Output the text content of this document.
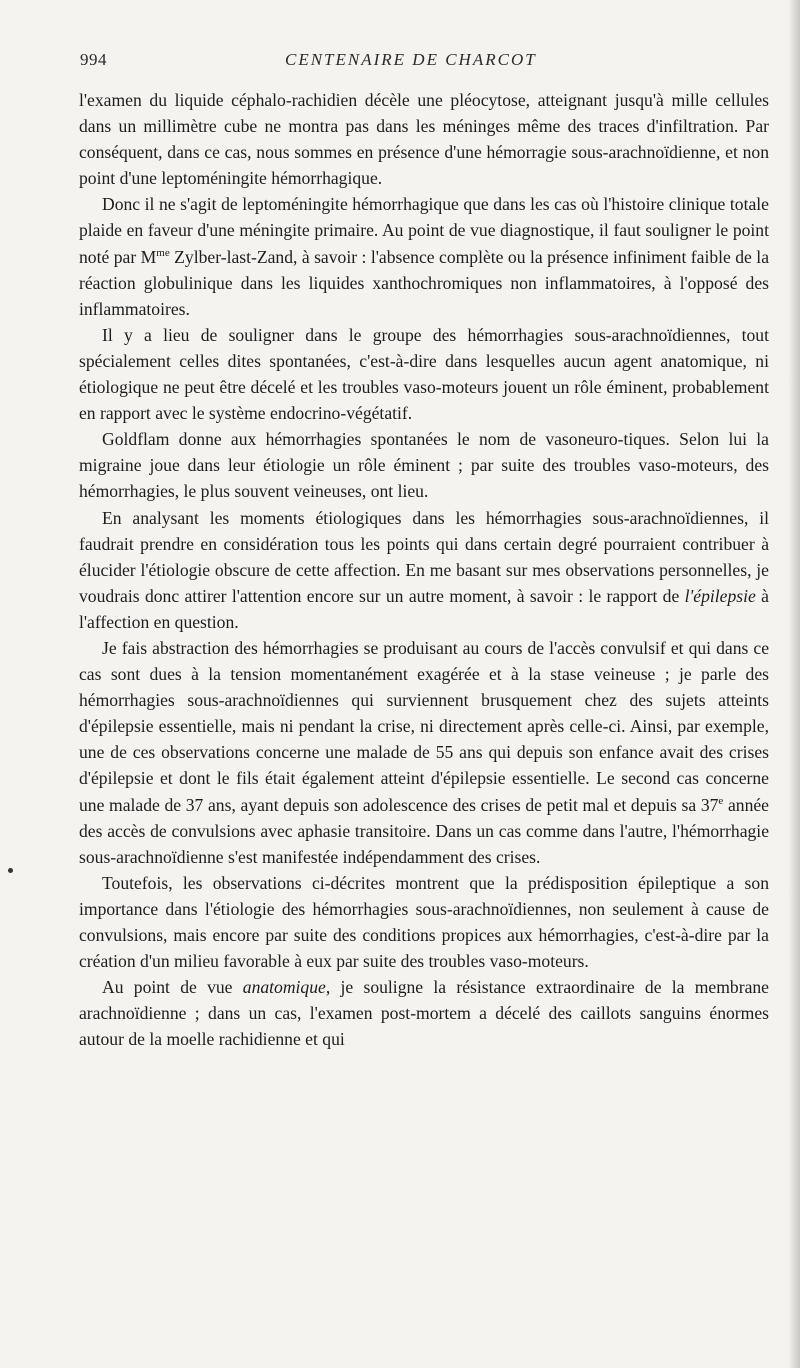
994	CENTENAIRE DE CHARCOT

l'examen du liquide céphalo-rachidien décèle une pléocytose, atteignant jusqu'à mille cellules dans un millimètre cube ne montra pas dans les méninges même des traces d'infiltration. Par conséquent, dans ce cas, nous sommes en présence d'une hémorragie sous-arachnoïdienne, et non point d'une leptoméningite hémorrhagique.

Donc il ne s'agit de leptoméningite hémorrhagique que dans les cas où l'histoire clinique totale plaide en faveur d'une méningite primaire. Au point de vue diagnostique, il faut souligner le point noté par $M^{me}$ Zylber-last-Zand, à savoir : l'absence complète ou la présence infiniment faible de la réaction globulinique dans les liquides xanthochromiques non inflammatoires, à l'opposé des inflammatoires.

Il y a lieu de souligner dans le groupe des hémorrhagies sous-arachnoïdiennes, tout spécialement celles dites spontanées, c'est-à-dire dans lesquelles aucun agent anatomique, ni étiologique ne peut être décelé et les troubles vaso-moteurs jouent un rôle éminent, probablement en rapport avec le système endocrino-végétatif.

Goldflam donne aux hémorrhagies spontanées le nom de vasoneuro-tiques. Selon lui la migraine joue dans leur étiologie un rôle éminent ; par suite des troubles vaso-moteurs, des hémorrhagies, le plus souvent veineuses, ont lieu.

En analysant les moments étiologiques dans les hémorrhagies sous-arachnoïdiennes, il faudrait prendre en considération tous les points qui dans certain degré pourraient contribuer à élucider l'étiologie obscure de cette affection. En me basant sur mes observations personnelles, je voudrais donc attirer l'attention encore sur un autre moment, à savoir : le rapport de l'épilepsie à l'affection en question.

Je fais abstraction des hémorrhagies se produisant au cours de l'accès convulsif et qui dans ce cas sont dues à la tension momentanément exagérée et à la stase veineuse ; je parle des hémorrhagies sous-arachnoïdiennes qui surviennent brusquement chez des sujets atteints d'épilepsie essentielle, mais ni pendant la crise, ni directement après celle-ci. Ainsi, par exemple, une de ces observations concerne une malade de 55 ans qui depuis son enfance avait des crises d'épilepsie et dont le fils était également atteint d'épilepsie essentielle. Le second cas concerne une malade de 37 ans, ayant depuis son adolescence des crises de petit mal et depuis sa 37e année des accès de convulsions avec aphasie transitoire. Dans un cas comme dans l'autre, l'hémorrhagie sous-arachnoïdienne s'est manifestée indépendamment des crises.

Toutefois, les observations ci-décrites montrent que la prédisposition épileptique a son importance dans l'étiologie des hémorrhagies sous-arachnoïdiennes, non seulement à cause de convulsions, mais encore par suite des conditions propices aux hémorrhagies, c'est-à-dire par la création d'un milieu favorable à eux par suite des troubles vaso-moteurs.

Au point de vue anatomique, je souligne la résistance extraordinaire de la membrane arachnoïdienne ; dans un cas, l'examen post-mortem a décelé des caillots sanguins énormes autour de la moelle rachidienne et qui
